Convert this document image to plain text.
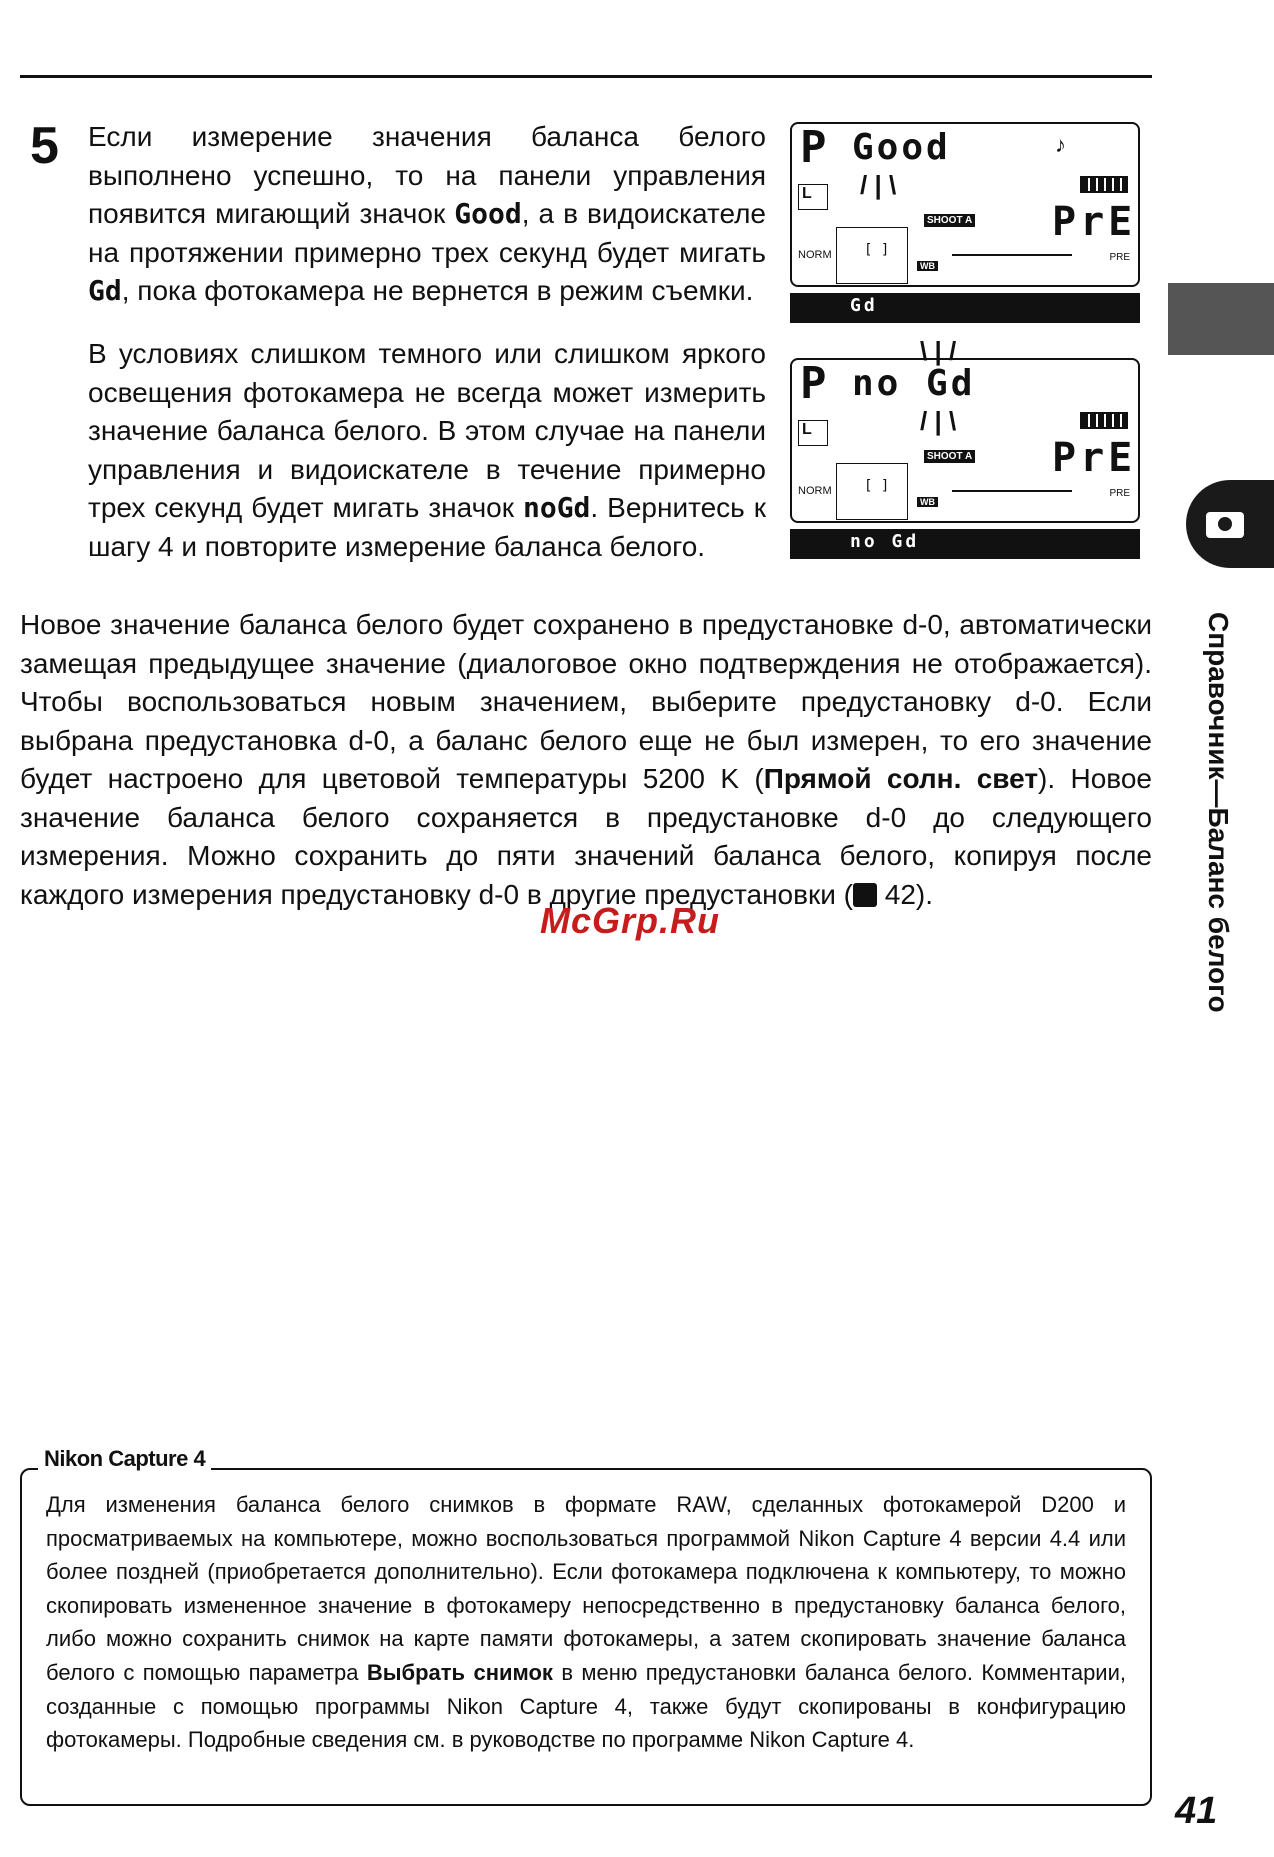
5 Если измерение значения баланса белого выполнено успешно, то на панели управления появится мигающий значок Good, а в видоискателе на протяжении примерно трех секунд будет мигать Gd, пока фотокамера не вернется в режим съемки.
В условиях слишком темного или слишком яркого освещения фотокамера не всегда может измерить значение баланса белого. В этом случае на панели управления и видоискателе в течение примерно трех секунд будет мигать значок noGd. Вернитесь к шагу 4 и повторите измерение баланса белого.
P Good	♪
L
SHOOT A PrE
NORM [ ]
WB
PRE
Gd
P no Gd
L
SHOOT A PrE
NORM [ ]
WB
PRE
no Gd
/ | \
\ | /
/ | \
Справочник—Баланс белого
Новое значение баланса белого будет сохранено в предустановке d-0, автоматически замещая предыдущее значение (диалоговое окно подтверждения не отображается). Чтобы воспользоваться новым значением, выберите предустановку d-0. Если выбрана предустановка d-0, а баланс белого еще не был измерен, то его значение будет настроено для цветовой температуры 5200 K (Прямой солн. свет). Новое значение баланса белого сохраняется в предустановке d-0 до следующего измерения. Можно сохранить до пяти значений баланса белого, копируя после каждого измерения предустановку d-0 в другие предустановки ( 42).
McGrp.Ru
Nikon Capture 4
Для изменения баланса белого снимков в формате RAW, сделанных фотокамерой D200 и просматриваемых на компьютере, можно воспользоваться программой Nikon Capture 4 версии 4.4 или более поздней (приобретается дополнительно). Если фотокамера подключена к компьютеру, то можно скопировать измененное значение в фотокамеру непосредственно в предустановку баланса белого, либо можно сохранить снимок на карте памяти фотокамеры, а затем скопировать значение баланса белого с помощью параметра Выбрать снимок в меню предустановки баланса белого. Комментарии, созданные с помощью программы Nikon Capture 4, также будут скопированы в конфигурацию фотокамеры. Подробные сведения см. в руководстве по программе Nikon Capture 4.
41
